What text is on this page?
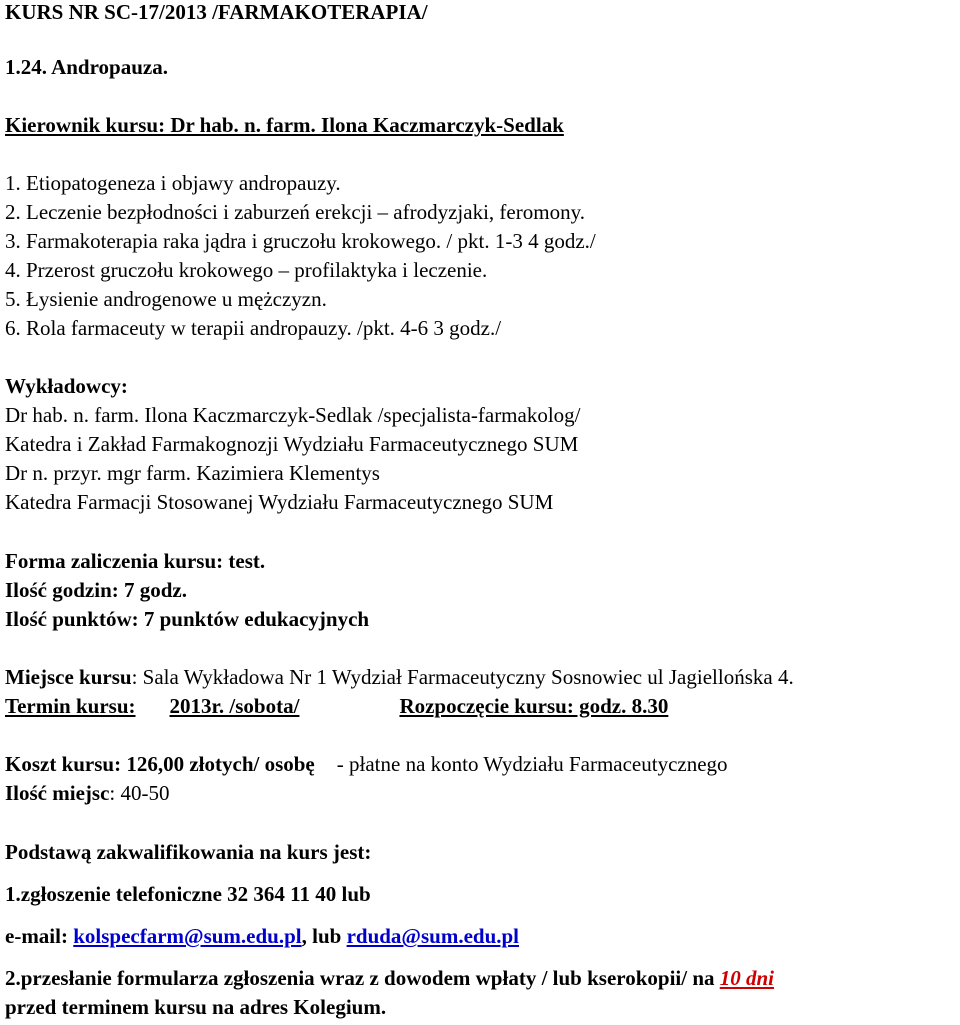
KURS NR SC-17/2013 /FARMAKOTERAPIA/
1.24. Andropauza.
Kierownik kursu: Dr hab. n. farm. Ilona Kaczmarczyk-Sedlak
1. Etiopatogeneza i objawy andropauzy.
2. Leczenie bezpłodności i zaburzeń erekcji – afrodyzjaki, feromony.
3. Farmakoterapia raka jądra i gruczołu krokowego. / pkt. 1-3 4 godz./
4. Przerost gruczołu krokowego – profilaktyka i leczenie.
5. Łysienie androgenowe u mężczyzn.
6. Rola farmaceuty w terapii andropauzy. /pkt. 4-6 3 godz./
Wykładowcy:
Dr hab. n. farm. Ilona Kaczmarczyk-Sedlak /specjalista-farmakolog/
Katedra i Zakład Farmakognozji Wydziału Farmaceutycznego SUM
Dr n. przyr. mgr farm. Kazimiera Klementys
Katedra Farmacji Stosowanej Wydziału Farmaceutycznego SUM
Forma zaliczenia kursu: test.
Ilość godzin: 7 godz.
Ilość punktów: 7 punktów edukacyjnych
Miejsce kursu: Sala Wykładowa Nr 1 Wydział Farmaceutyczny Sosnowiec ul Jagiellońska 4.
Termin kursu: 2013r. /sobota/	Rozpoczęcie kursu: godz. 8.30
Koszt kursu: 126,00 złotych/ osobę - płatne na konto Wydziału Farmaceutycznego
Ilość miejsc: 40-50
Podstawą zakwalifikowania na kurs jest:
1.zgłoszenie telefoniczne 32 364 11 40 lub
e-mail: kolspecfarm@sum.edu.pl, lub rduda@sum.edu.pl
2.przesłanie formularza zgłoszenia wraz z dowodem wpłaty / lub kserokopii/ na 10 dni
przed terminem kursu na adres Kolegium.
